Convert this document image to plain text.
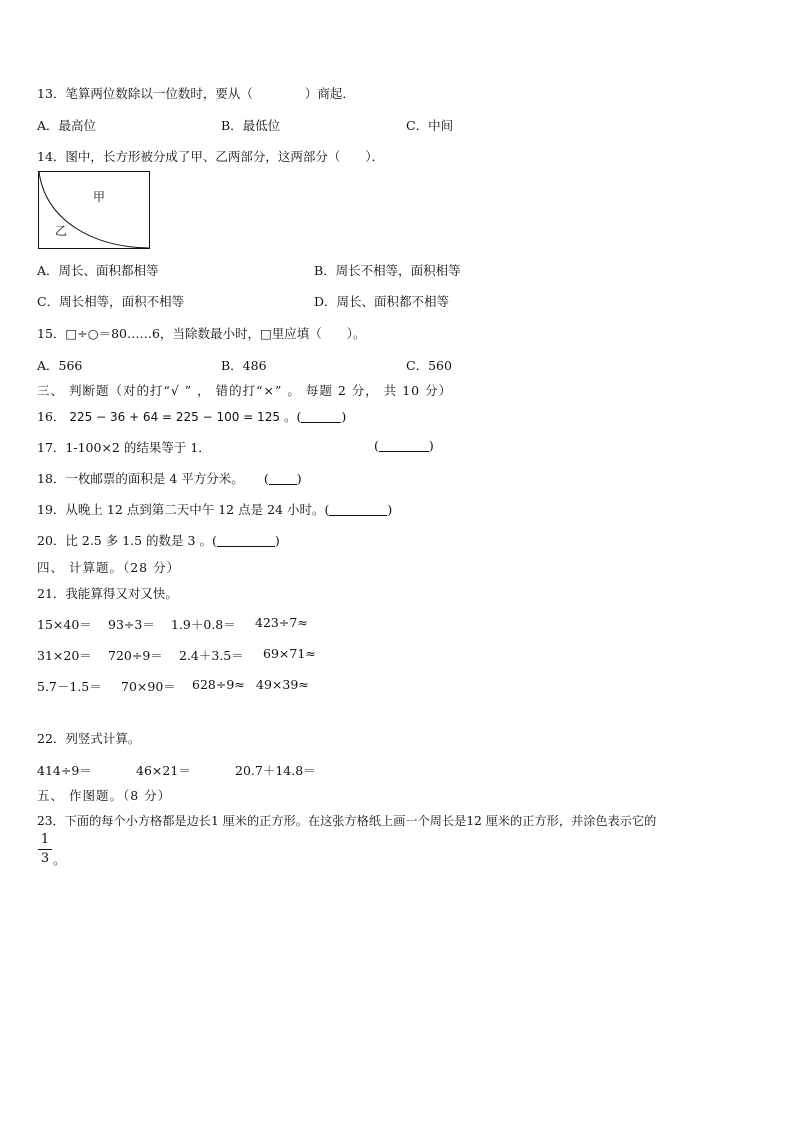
13．笔算两位数除以一位数时，要从（	）商起．
A．最高位	B．最低位	C．中间
14．图中，长方形被分成了甲、乙两部分，这两部分（　　）．
甲
乙
A．周长、面积都相等	B．周长不相等，面积相等
C．周长相等，面积不相等	D．周长、面积都不相等
15．□÷○＝80……6，当除数最小时，□里应填（　　）。
A．566	B．486	C．560
三、 判断题（对的打“√ ” ， 错的打“×” 。 每题 2 分， 共 10 分）
16． 225 − 36 + 64 = 225 − 100 = 125 。(	)
17．1-100×2 的结果等于 1．	(	)
18．一枚邮票的面积是 4 平方分米。 ( )
19．从晚上 12 点到第二天中午 12 点是 24 小时。(	)
20．比 2.5 多 1.5 的数是 3 。(	)
四、 计算题。（28 分）
21．我能算得又对又快。
15×40＝ 93÷3＝ 1.9＋0.8＝ 423÷7≈
31×20＝ 720÷9＝ 2.4＋3.5＝ 69×71≈
5.7－1.5＝ 70×90＝ 628÷9≈ 49×39≈
22．列竖式计算。
414÷9＝	46×21＝	20.7＋14.8＝
五、 作图题。（8 分）
23．下面的每个小方格都是边长1 厘米的正方形。在这张方格纸上画一个周长是12 厘米的正方形，并涂色表示它的
1
3 。
